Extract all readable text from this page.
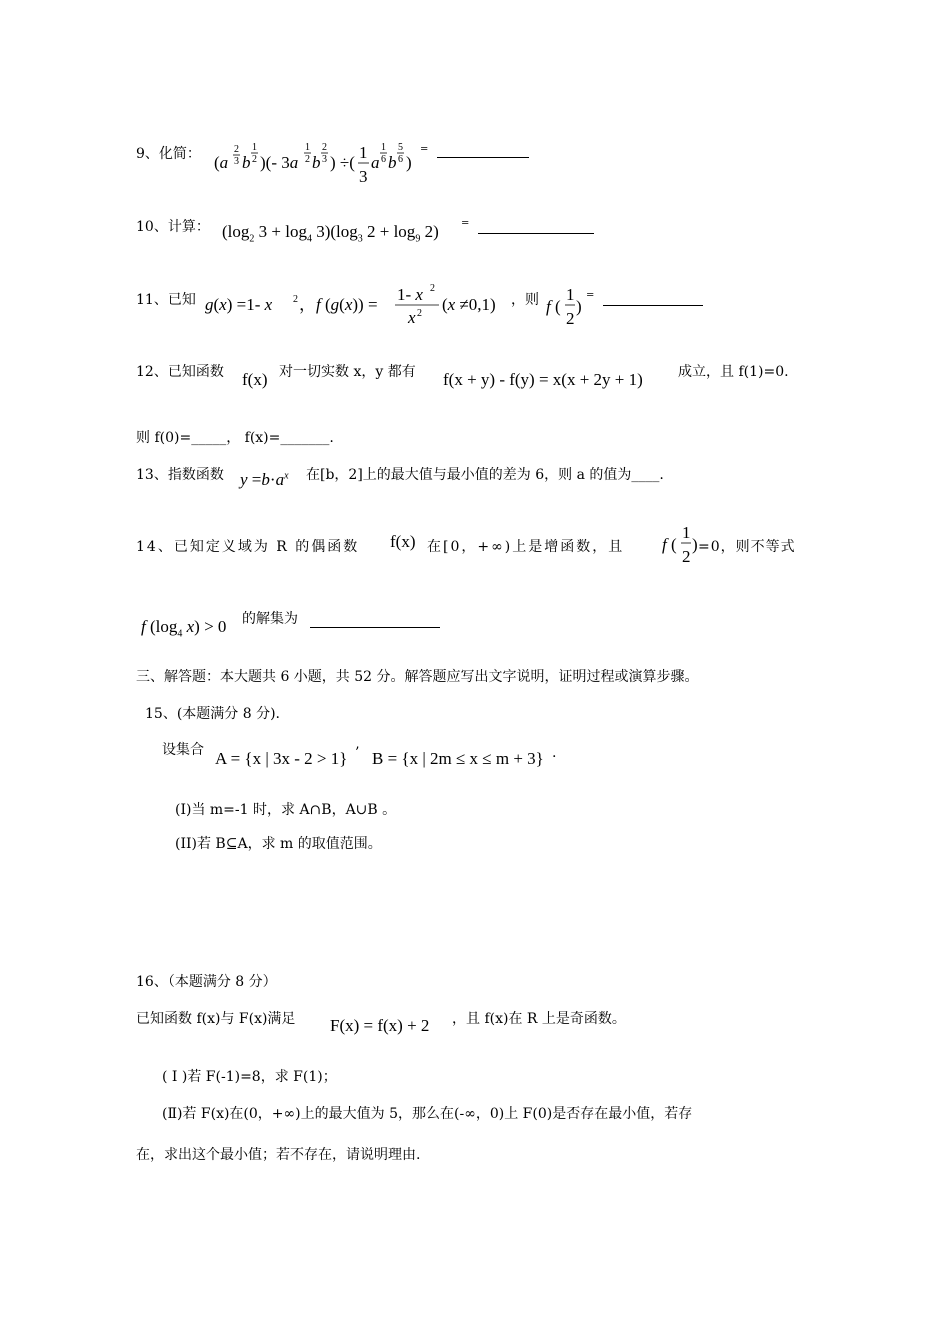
9、化简： (a
2
3 b
1
2 )(- 3a
1
2 b
2
3 ) ÷(
1
3
a
1
6 b
5
6 )
=
10、计算： ($\log_2$ $3 + \log_4 3)(\log_3$ $2 + \log_9 2$) =
11、已知 g(x) =1- x 2 ，f (g(x)) =
1- x 2
x 2 (x ≠0,1) ，则 f (
1
2
)
=
12、已知函数 f(x) 对一切实数 x，y 都有 f(x + y) - f(y) = x(x + 2y + 1)	成立，且 f(1)=0.
则 f(0)=_____， f(x)=_______.
13、指数函数 $y =b\cdot a^x$ 在[b，2]上的最大值与最小值的差为 6，则 a 的值为____.
14、已知定义域为 R 的偶函数 f(x) 在[0，+∞)上是增函数，且 f (
1
2
) =0，则不等式
f ($\log_4$ x) > 0 的解集为
三、解答题：本大题共 6 小题，共 52 分。解答题应写出文字说明，证明过程或演算步骤。
15、(本题满分 8 分).
设集合 A = {x | 3x - 2 > 1} ’ B = {x | 2m ≤ x ≤ m + 3} .
(I)当 m=-1 时，求 A∩B，A∪B 。
(II)若 B⊆A，求 m 的取值范围。
16、（本题满分 8 分）
已知函数 f(x)与 F(x)满足 F(x) = f(x) + 2 ，且 f(x)在 R 上是奇函数。
( Ⅰ )若 F(-1)=8，求 F(1)；
(Ⅱ)若 F(x)在(0，+∞)上的最大值为 5，那么在(-∞，0)上 F(0)是否存在最小值，若存
在，求出这个最小值；若不存在，请说明理由.
